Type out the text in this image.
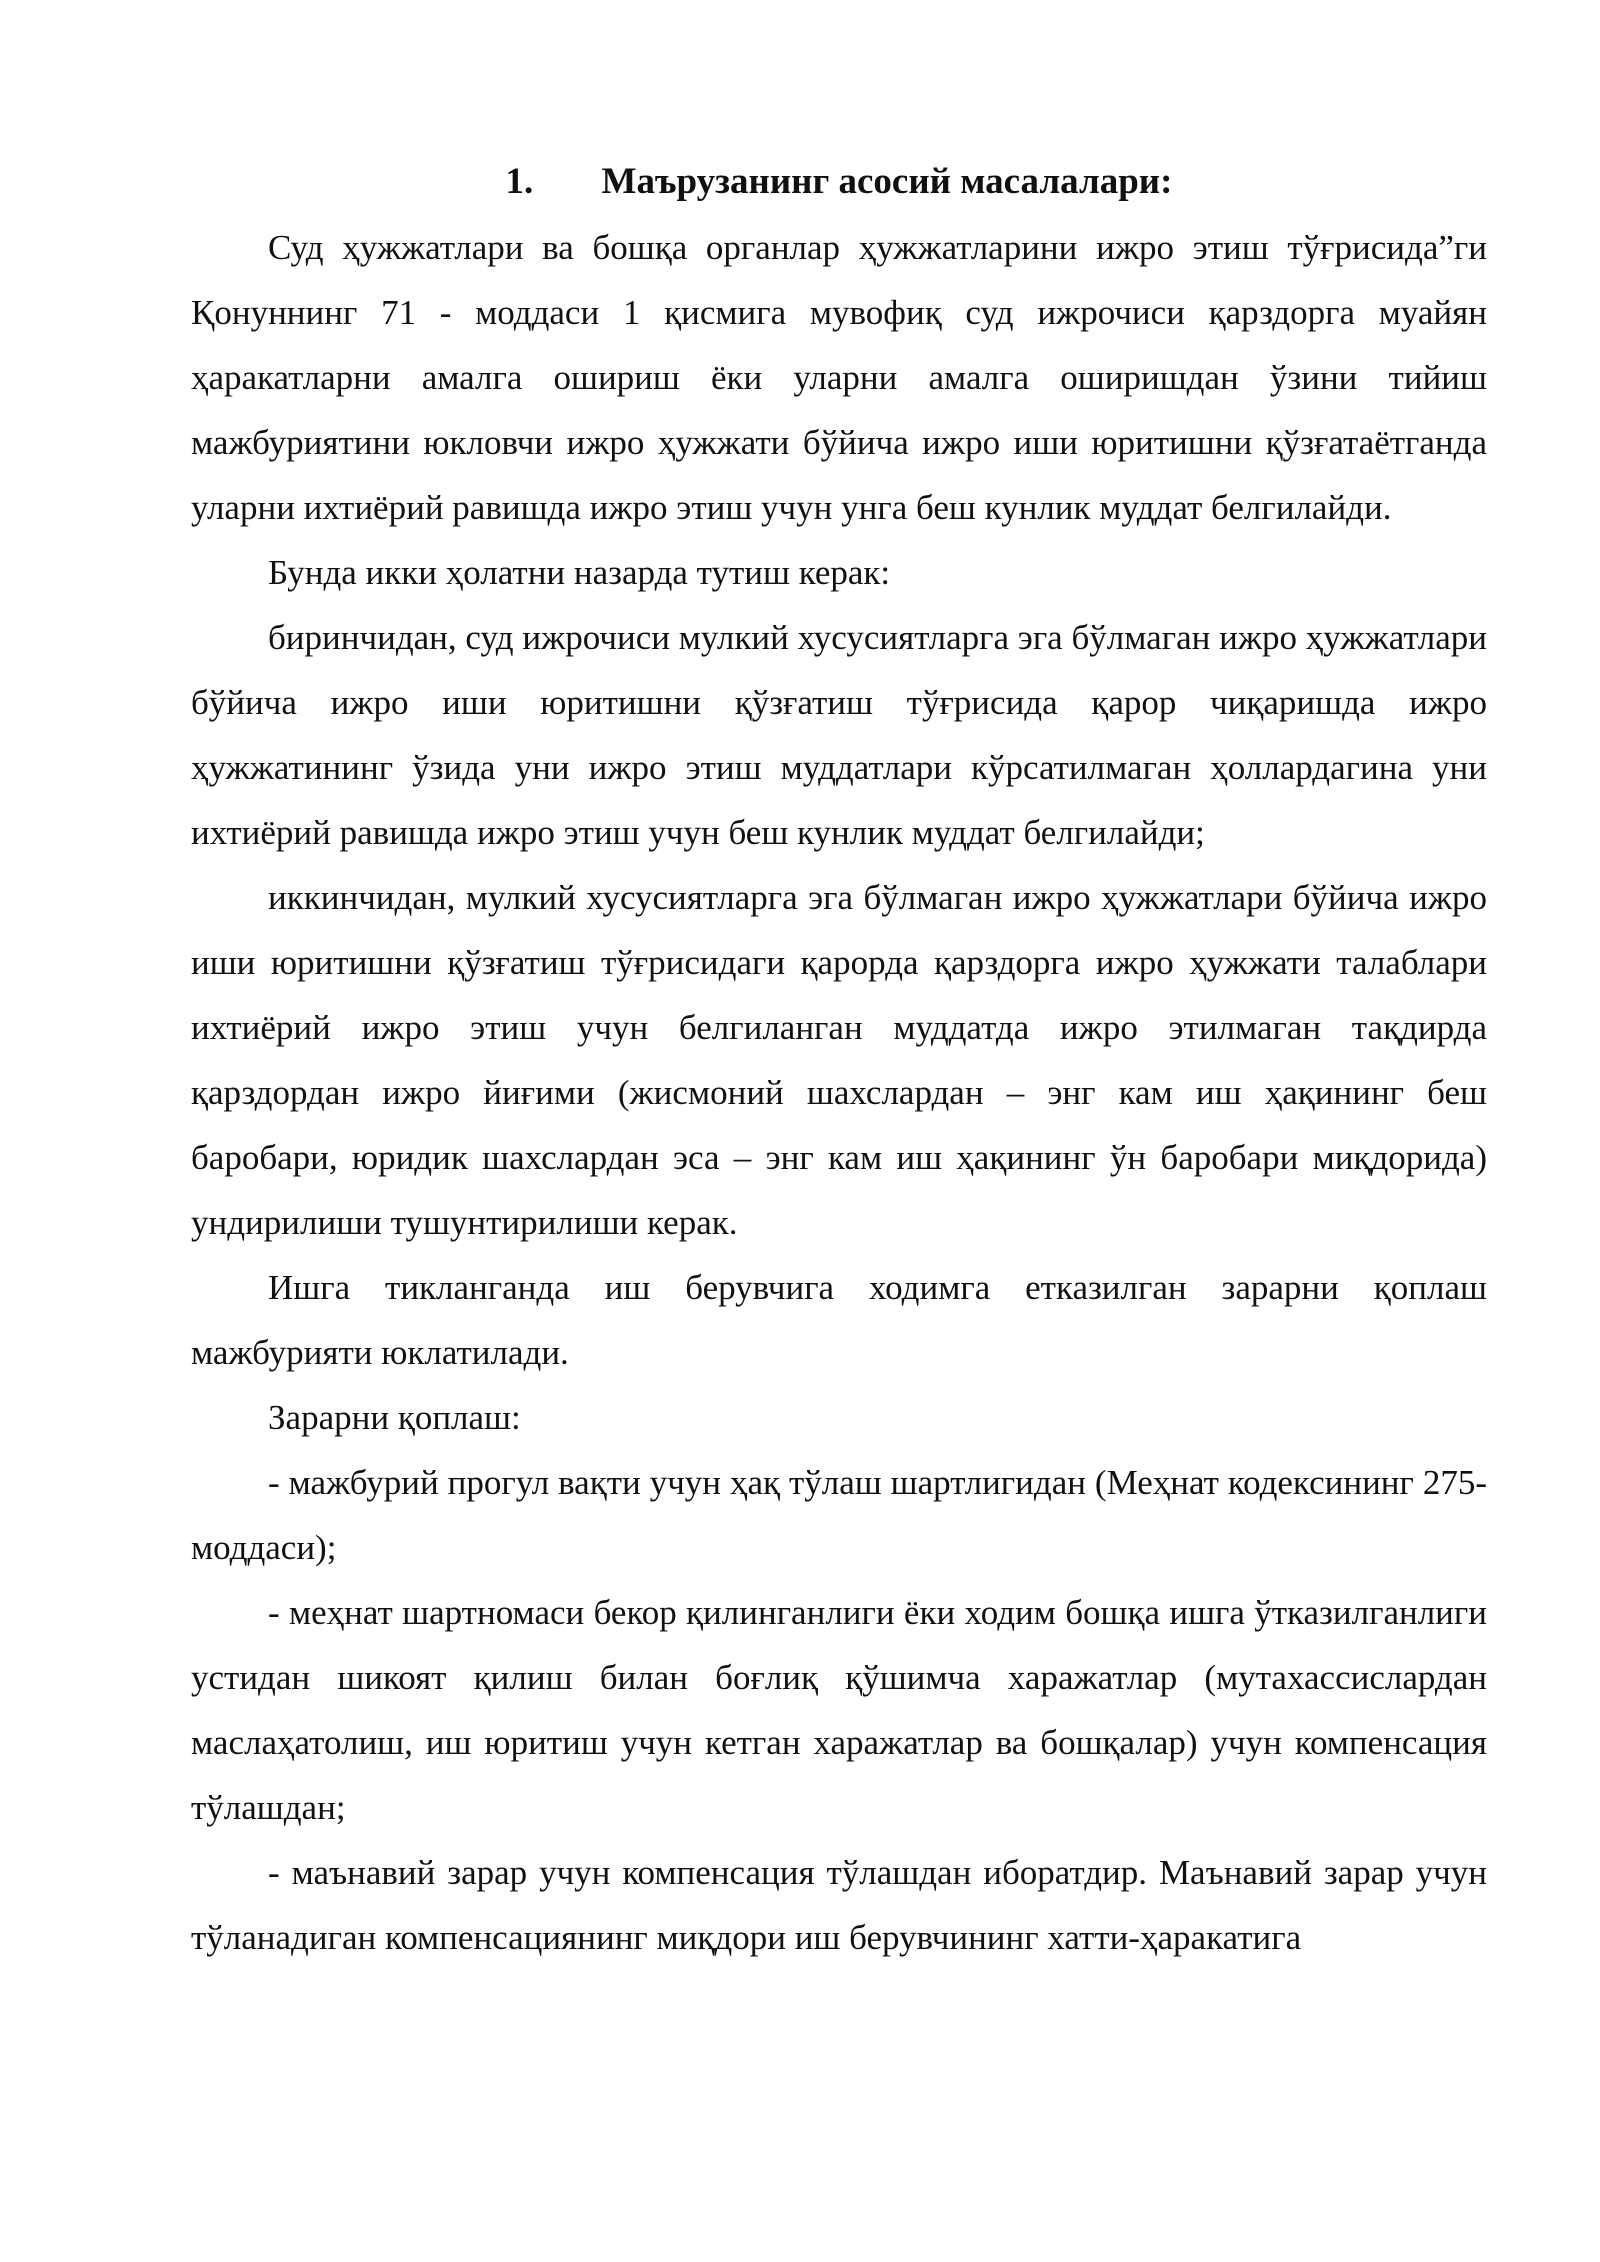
1. Маърузанинг асосий масалалари:

Суд ҳужжатлари ва бошқа органлар ҳужжатларини ижро этиш тўғрисида”ги Қонуннинг 71 - моддаси 1 қисмига мувофиқ суд ижрочиси қарздорга муайян ҳаракатларни амалга ошириш ёки уларни амалга оширишдан ўзини тийиш мажбуриятини юкловчи ижро ҳужжати бўйича ижро иши юритишни қўзғатаётганда уларни ихтиёрий равишда ижро этиш учун унга беш кунлик муддат белгилайди.

Бунда икки ҳолатни назарда тутиш керак:

биринчидан, суд ижрочиси мулкий хусусиятларга эга бўлмаган ижро ҳужжатлари бўйича ижро иши юритишни қўзғатиш тўғрисида қарор чиқаришда ижро ҳужжатининг ўзида уни ижро этиш муддатлари кўрсатилмаган ҳоллардагина уни ихтиёрий равишда ижро этиш учун беш кунлик муддат белгилайди;

иккинчидан, мулкий хусусиятларга эга бўлмаган ижро ҳужжатлари бўйича ижро иши юритишни қўзғатиш тўғрисидаги қарорда қарздорга ижро ҳужжати талаблари ихтиёрий ижро этиш учун белгиланган муддатда ижро этилмаган тақдирда қарздордан ижро йиғими (жисмоний шахслардан – энг кам иш ҳақининг беш баробари, юридик шахслардан эса – энг кам иш ҳақининг ўн баробари миқдорида) ундирилиши тушунтирилиши керак.

Ишга тикланганда иш берувчига ходимга етказилган зарарни қоплаш мажбурияти юклатилади.

Зарарни қоплаш:

- мажбурий прогул вақти учун ҳақ тўлаш шартлигидан (Меҳнат кодексининг 275-моддаси);

- меҳнат шартномаси бекор қилинганлиги ёки ходим бошқа ишга ўтказилганлиги устидан шикоят қилиш билан боғлиқ қўшимча харажатлар (мутахассислардан маслаҳатолиш, иш юритиш учун кетган харажатлар ва бошқалар) учун компенсация тўлашдан;

- маънавий зарар учун компенсация тўлашдан иборатдир. Маънавий зарар учун тўланадиган компенсациянинг миқдори иш берувчининг хатти-ҳаракатига
